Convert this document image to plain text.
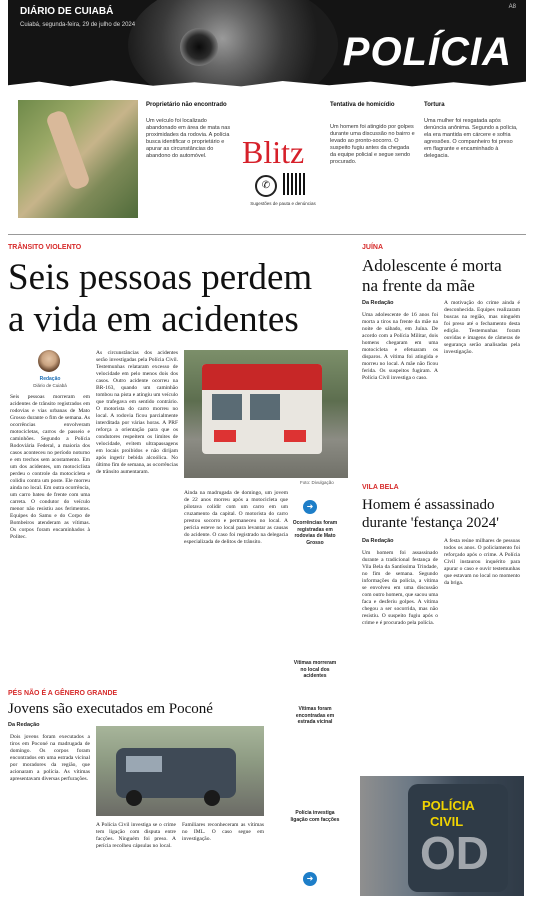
DIÁRIO DE CUIABÁ
Cuiabá, segunda-feira, 29 de julho de 2024
A8
POLÍCIA
Proprietário não encontrado
Um veículo foi localizado abandonado em área de mata nas proximidades da rodovia. A polícia busca identificar o proprietário e apurar as circunstâncias do abandono do automóvel.	Blitz
✆
Sugestões de pauta e denúncias
Tentativa de homicídio
Um homem foi atingido por golpes durante uma discussão no bairro e levado ao pronto-socorro. O suspeito fugiu antes da chegada da equipe policial e segue sendo procurado.
Tortura
Uma mulher foi resgatada após denúncia anônima. Segundo a polícia, ela era mantida em cárcere e sofria agressões. O companheiro foi preso em flagrante e encaminhado à delegacia.
TRÂNSITO VIOLENTO
Seis pessoas perdem
a vida em acidentes
Redação
Diário de Cuiabá
Seis pessoas morreram em acidentes de trânsito registrados em rodovias e vias urbanas de Mato Grosso durante o fim de semana. As ocorrências envolveram motocicletas, carros de passeio e caminhões. Segundo a Polícia Rodoviária Federal, a maioria dos casos aconteceu no período noturno e em trechos sem acostamento. Em um dos acidentes, um motociclista perdeu o controle da motocicleta e colidiu contra um poste. Ele morreu ainda no local. Em outra ocorrência, um carro bateu de frente com uma carreta. O condutor do veículo menor não resistiu aos ferimentos. Equipes do Samu e do Corpo de Bombeiros atenderam as vítimas. Os corpos foram encaminhados à Politec.
As circunstâncias dos acidentes serão investigadas pela Polícia Civil. Testemunhas relataram excesso de velocidade em pelo menos dois dos casos. Outro acidente ocorreu na BR-163, quando um caminhão tombou na pista e atingiu um veículo que trafegava em sentido contrário. O motorista do carro morreu no local. A rodovia ficou parcialmente interditada por várias horas. A PRF reforça a orientação para que os condutores respeitem os limites de velocidade, evitem ultrapassagens em locais proibidos e não dirijam após ingerir bebida alcoólica. No último fim de semana, as ocorrências de trânsito aumentaram.
Foto: Divulgação
Ainda na madrugada de domingo, um jovem de 22 anos morreu após a motocicleta que pilotava colidir com um carro em um cruzamento da capital. O motorista do carro prestou socorro e permaneceu no local. A perícia esteve no local para levantar as causas do acidente. O caso foi registrado na delegacia especializada de delitos de trânsito.
➜
Ocorrências foram registradas em rodovias de Mato Grosso
JUÍNA
Adolescente é morta
na frente da mãe
Da Redação
Uma adolescente de 16 anos foi morta a tiros na frente da mãe na noite de sábado, em Juína. De acordo com a Polícia Militar, dois homens chegaram em uma motocicleta e efetuaram os disparos. A vítima foi atingida e morreu no local. A mãe não ficou ferida. Os suspeitos fugiram. A Polícia Civil investiga o caso.
A motivação do crime ainda é desconhecida. Equipes realizaram buscas na região, mas ninguém foi preso até o fechamento desta edição. Testemunhas foram ouvidas e imagens de câmeras de segurança serão analisadas pela investigação.
VILA BELA
Homem é assassinado
durante 'festança 2024'
Da Redação
Um homem foi assassinado durante a tradicional festança de Vila Bela da Santíssima Trindade, no fim de semana. Segundo informações da polícia, a vítima se envolveu em uma discussão com outro homem, que sacou uma faca e desferiu golpes. A vítima chegou a ser socorrida, mas não resistiu. O suspeito fugiu após o crime e é procurado pela polícia.
A festa reúne milhares de pessoas todos os anos. O policiamento foi reforçado após o crime. A Polícia Civil instaurou inquérito para apurar o caso e ouvir testemunhas que estavam no local no momento da briga.
POLÍCIA
CIVIL
OD
PÉS NÃO É A GÊNERO GRANDE
Jovens são executados em Poconé
Da Redação
Dois jovens foram executados a tiros em Poconé na madrugada de domingo. Os corpos foram encontrados em uma estrada vicinal por moradores da região, que acionaram a polícia. As vítimas apresentavam diversas perfurações.
A Polícia Civil investiga se o crime tem ligação com disputa entre facções. Ninguém foi preso. A perícia recolheu cápsulas no local.
Familiares reconheceram as vítimas no IML. O caso segue em investigação.
Vítimas morreram no local dos acidentes
Vítimas foram encontradas em estrada vicinal
Polícia investiga ligação com facções
➜
